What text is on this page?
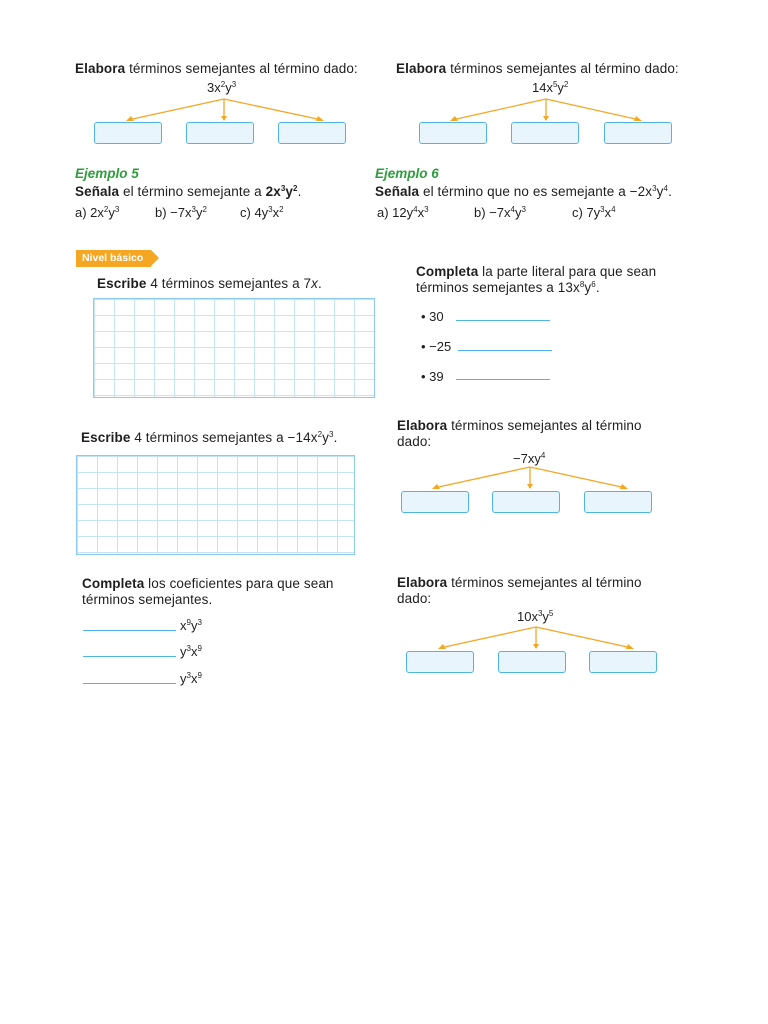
Elabora términos semejantes al término dado:
$3x^2y^3$
Elabora términos semejantes al término dado:
$14x^5y^2$
Ejemplo 5
Señala el término semejante a $2x^3y^2$.
a) $2x^2y^3$	$b) -7x^3y^2$	c) $4y^3x^2$
Ejemplo 6
Señala el término que no es semejante $a -2x^3y^4$.
a) $12y^4x^3$	$b) -7x^4y^3$	c) $7y^3x^4$
Nivel básico
Escribe 4 términos semejantes a 7x.
Completa la parte literal para que sean
términos semejantes a $13x^8y^6$.
• 30
• −25
• 39
Escribe 4 términos semejantes $a -14x^2y^3$.
Elabora términos semejantes al término
dado:
$-7xy^4$
Completa los coeficientes para que sean
términos semejantes.
$x^9y^3$
$y^3x^9$
$y^3x^9$
Elabora términos semejantes al término
dado:
$10x^3y^5$
